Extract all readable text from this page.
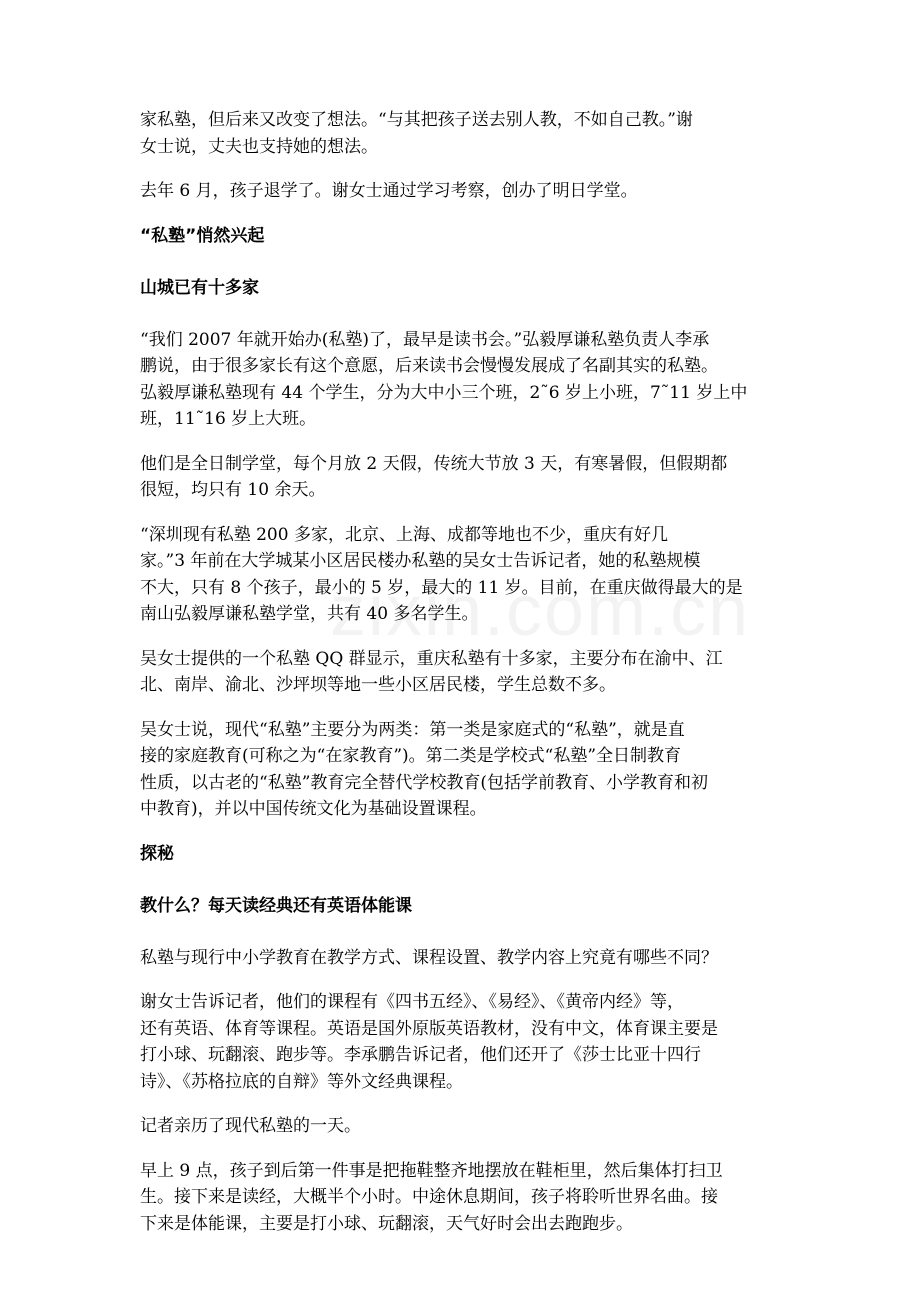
家私塾，但后来又改变了想法。“与其把孩子送去别人教，不如自己教。”谢

女士说，丈夫也支持她的想法。

去年 6 月，孩子退学了。谢女士通过学习考察，创办了明日学堂。

“私塾”悄然兴起
山城已有十多家

“我们 2007 年就开始办(私塾)了，最早是读书会。”弘毅厚谦私塾负责人李承

鹏说，由于很多家长有这个意愿，后来读书会慢慢发展成了名副其实的私塾。

弘毅厚谦私塾现有 44 个学生，分为大中小三个班，2˜6 岁上小班，7˜11 岁上中

班，11˜16 岁上大班。

他们是全日制学堂，每个月放 2 天假，传统大节放 3 天，有寒暑假，但假期都

很短，均只有 10 余天。

“深圳现有私塾 200 多家，北京、上海、成都等地也不少，重庆有好几

家。”3 年前在大学城某小区居民楼办私塾的吴女士告诉记者，她的私塾规模

不大，只有 8 个孩子，最小的 5 岁，最大的 11 岁。目前，在重庆做得最大的是

南山弘毅厚谦私塾学堂，共有 40 多名学生。

吴女士提供的一个私塾 QQ 群显示，重庆私塾有十多家，主要分布在渝中、江

北、南岸、渝北、沙坪坝等地一些小区居民楼，学生总数不多。

吴女士说，现代“私塾”主要分为两类：第一类是家庭式的“私塾”，就是直

接的家庭教育(可称之为“在家教育”)。第二类是学校式“私塾”全日制教育

性质，以古老的“私塾”教育完全替代学校教育(包括学前教育、小学教育和初

中教育)，并以中国传统文化为基础设置课程。

探秘
教什么？每天读经典还有英语体能课

私塾与现行中小学教育在教学方式、课程设置、教学内容上究竟有哪些不同？

谢女士告诉记者，他们的课程有《四书五经》、《易经》、《黄帝内经》等，

还有英语、体育等课程。英语是国外原版英语教材，没有中文，体育课主要是

打小球、玩翻滚、跑步等。李承鹏告诉记者，他们还开了《莎士比亚十四行

诗》、《苏格拉底的自辩》等外文经典课程。

记者亲历了现代私塾的一天。

早上 9 点，孩子到后第一件事是把拖鞋整齐地摆放在鞋柜里，然后集体打扫卫

生。接下来是读经，大概半个小时。中途休息期间，孩子将聆听世界名曲。接

下来是体能课，主要是打小球、玩翻滚，天气好时会出去跑跑步。
